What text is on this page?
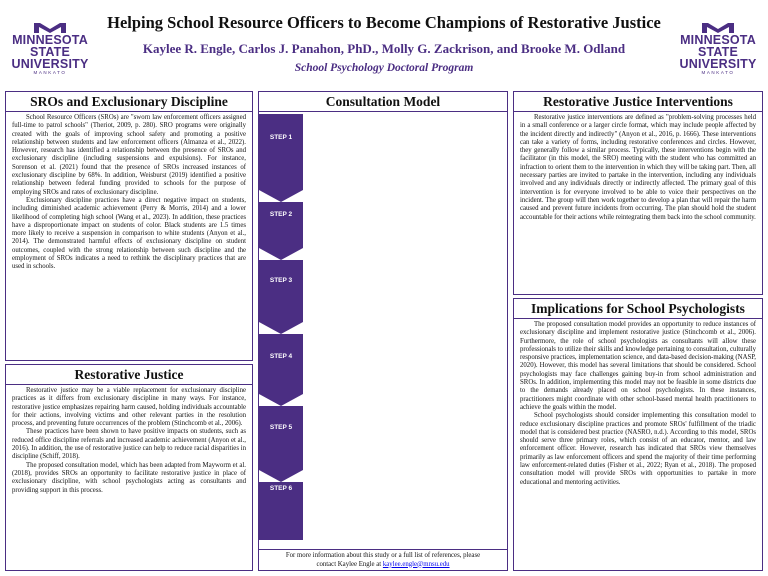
MINNESOTA STATE
UNIVERSITY
MANKATO
Helping School Resource Officers to Become Champions of Restorative Justice
Kaylee R. Engle, Carlos J. Panahon, PhD., Molly G. Zackrison, and Brooke M. Odland
School Psychology Doctoral Program
MINNESOTA STATE
UNIVERSITY
MANKATO
SROs and Exclusionary Discipline

School Resource Officers (SROs) are "sworn law enforcement officers assigned full-time to patrol schools" (Theriot, 2009, p. 280). SRO programs were originally created with the goals of improving school safety and promoting a positive relationship between students and law enforcement officers (Almanza et al., 2022). However, research has identified a relationship between the presence of SROs and exclusionary discipline (including suspensions and expulsions). For instance, Sorenson et al. (2021) found that the presence of SROs increased instances of exclusionary discipline by 68%. In addition, Weisburst (2019) identified a positive relationship between federal funding provided to schools for the purpose of employing SROs and rates of exclusionary discipline.

Exclusionary discipline practices have a direct negative impact on students, including diminished academic achievement (Perry & Morris, 2014) and a lower likelihood of completing high school (Wang et al., 2023). In addition, these practices have a disproportionate impact on students of color. Black students are 1.5 times more likely to receive a suspension in comparison to white students (Anyon et al., 2014). The demonstrated harmful effects of exclusionary discipline on student outcomes, coupled with the strong relationship between such discipline and the employment of SROs indicates a need to rethink the disciplinary practices that are used in schools.

Restorative Justice

Restorative justice may be a viable replacement for exclusionary discipline practices as it differs from exclusionary discipline in many ways. For instance, restorative justice emphasizes repairing harm caused, holding individuals accountable for their actions, involving victims and other relevant parties in the resolution process, and preventing future occurrences of the problem (Stinchcomb et al., 2006).

These practices have been shown to have positive impacts on students, such as reduced office discipline referrals and increased academic achievement (Anyon et al., 2016). In addition, the use of restorative justice can help to reduce racial disparities in discipline (Schiff, 2018).

The proposed consultation model, which has been adapted from Mayworm et al. (2018), provides SROs an opportunity to facilitate restorative justice in place of exclusionary discipline, with school psychologists acting as consultants and providing support in this process.

Consultation Model
STEP 1
STEP 2
STEP 3
STEP 4
STEP 5
STEP 6
For more information about this study or a full list of references, please
contact Kaylee Engle at kaylee.engle@mnsu.edu
Restorative Justice Interventions

Restorative justice interventions are defined as "problem-solving processes held in a small conference or a larger circle format, which may include people affected by the incident directly and indirectly" (Anyon et al., 2016, p. 1666). These interventions can take a variety of forms, including restorative conferences and circles. However, they generally follow a similar process. Typically, these interventions begin with the facilitator (in this model, the SRO) meeting with the student who has committed an infraction to orient them to the intervention in which they will be taking part. Then, all necessary parties are invited to partake in the intervention, including any individuals involved and any individuals directly or indirectly affected. The primary goal of this intervention is for everyone involved to be able to voice their perspectives on the incident. The group will then work together to develop a plan that will repair the harm caused and prevent future incidents from occurring. The plan should hold the student accountable for their actions while reintegrating them back into the school community.

Implications for School Psychologists

The proposed consultation model provides an opportunity to reduce instances of exclusionary discipline and implement restorative justice (Stinchcomb et al., 2006). Furthermore, the role of school psychologists as consultants will allow these professionals to utilize their skills and knowledge pertaining to consultation, culturally responsive practices, implementation science, and data-based decision-making (NASP, 2020). However, this model has several limitations that should be considered. School psychologists may face challenges gaining buy-in from school administration and SROs. In addition, implementing this model may not be feasible in some districts due to the demands already placed on school psychologists. In these instances, practitioners might coordinate with other school-based mental health practitioners to achieve the goals within the model.

School psychologists should consider implementing this consultation model to reduce exclusionary discipline practices and promote SROs' fulfillment of the triadic model that is considered best practice (NASRO, n.d.). According to this model, SROs should serve three primary roles, which consist of an educator, mentor, and law enforcement officer. However, research has indicated that SROs view themselves primarily as law enforcement officers and spend the majority of their time performing law enforcement-related duties (Fisher et al., 2022; Ryan et al., 2018). The proposed consultation model will provide SROs with opportunities to partake in more educational and mentoring activities.
